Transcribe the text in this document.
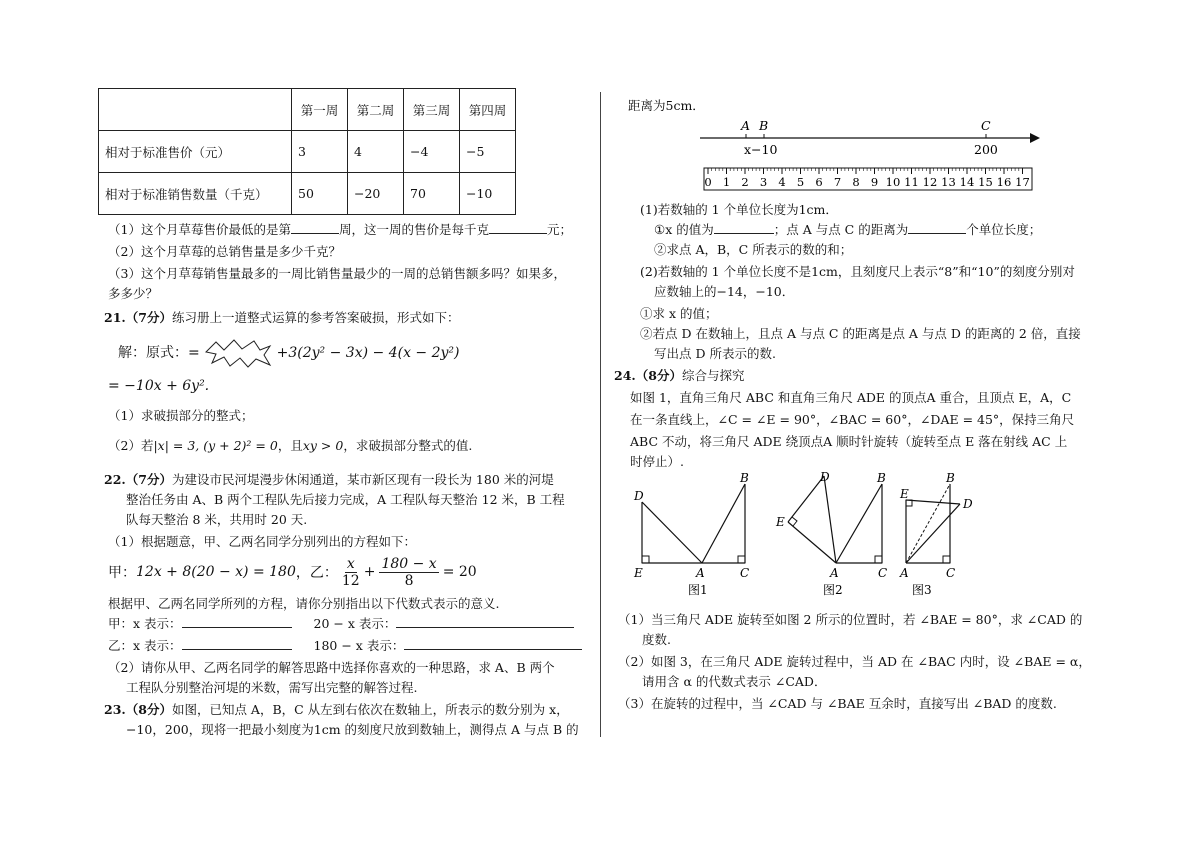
	第一周	第二周	第三周	第四周
相对于标准售价（元）	3	4	−4	−5
相对于标准销售数量（千克）	50	−20	70	−10
（1）这个月草莓售价最低的是第	周，这一周的售价是每千克	元；
（2）这个月草莓的总销售量是多少千克？
（3）这个月草莓销售量最多的一周比销售量最少的一周的总销售额多吗？如果多，
多多少？
21.（7分）练习册上一道整式运算的参考答案破损，形式如下：
解：原式：=	+3(2y² − 3x) − 4(x − 2y²)
= −10x + 6y².
（1）求破损部分的整式；
（2）若|x| = 3, (y + 2)² = 0，且xy > 0，求破损部分整式的值.
22.（7分）为建设市民河堤漫步休闲通道，某市新区现有一段长为 180 米的河堤
整治任务由 A、B 两个工程队先后接力完成，A 工程队每天整治 12 米，B 工程
队每天整治 8 米，共用时 20 天.
（1）根据题意，甲、乙两名同学分别列出的方程如下：
甲： 12x + 8(20 − x) = 180 ，乙： $\frac{x}{12} + \frac{180 - x}{8} = 20$
根据甲、乙两名同学所列的方程，请你分别指出以下代数式表示的意义.
甲：x 表示：	20 − x 表示：
乙：x 表示：	180 − x 表示：
（2）请你从甲、乙两名同学的解答思路中选择你喜欢的一种思路，求 A、B 两个
工程队分别整治河堤的米数，需写出完整的解答过程.
23.（8分）如图，已知点 A，B，C 从左到右依次在数轴上，所表示的数分别为 x，
−10，200，现将一把最小刻度为1cm 的刻度尺放到数轴上，测得点 A 与点 B 的
距离为5cm．
A B	C
x−10	200
0 1 2 3 4 5 6 7 8 9 10 11 12 13 14 15 16 17
(1)若数轴的 1 个单位长度为1cm．
①x 的值为	；点 A 与点 C 的距离为	个单位长度；
②求点 A，B，C 所表示的数的和；
(2)若数轴的 1 个单位长度不是1cm，且刻度尺上表示“8”和“10”的刻度分别对
应数轴上的−14，−10．
①求 x 的值；
②若点 D 在数轴上，且点 A 与点 C 的距离是点 A 与点 D 的距离的 2 倍，直接
写出点 D 所表示的数.
24.（8分）综合与探究
如图 1，直角三角尺 ABC 和直角三角尺 ADE 的顶点A 重合，且顶点 E，A，C
在一条直线上，∠C = ∠E = 90°，∠BAC = 60°，∠DAE = 45°，保持三角尺
ABC 不动，将三角尺 ADE 绕顶点A 顺时针旋转（旋转至点 E 落在射线 AC 上
时停止）.
D
B
E	A	C
图1
D	B
E
A	C
图2
E
B
D
A	C
图3
（1）当三角尺 ADE 旋转至如图 2 所示的位置时，若 ∠BAE = 80°，求 ∠CAD 的
度数.
（2）如图 3，在三角尺 ADE 旋转过程中，当 AD 在 ∠BAC 内时，设 ∠BAE = α，
请用含 α 的代数式表示 ∠CAD．
（3）在旋转的过程中，当 ∠CAD 与 ∠BAE 互余时，直接写出 ∠BAD 的度数.
